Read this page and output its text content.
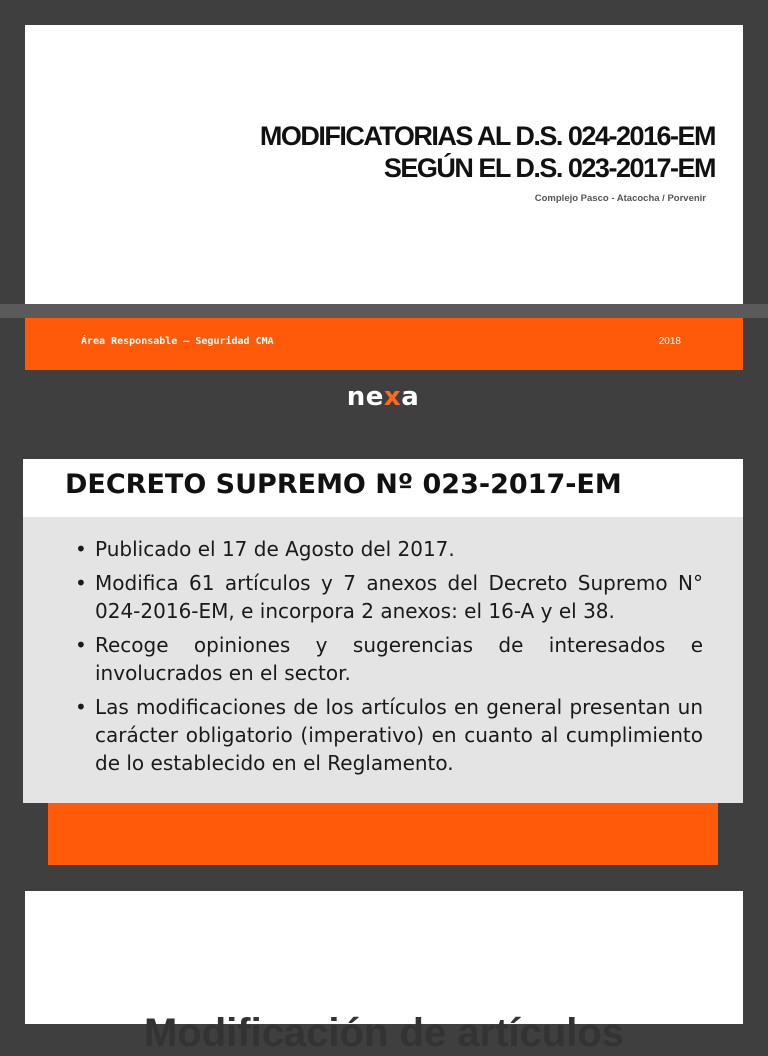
MODIFICATORIAS AL D.S. 024-2016-EM
SEGÚN EL D.S. 023-2017-EM
Complejo Pasco - Atacocha / Porvenir
Área Responsable – Seguridad CMA	2018
nexa
DECRETO SUPREMO Nº 023-2017-EM
• Publicado el 17 de Agosto del 2017.
• Modifica 61 artículos y 7 anexos del Decreto Supremo N° 024-2016-EM, e incorpora 2 anexos: el 16-A y el 38.
• Recoge opiniones y sugerencias de interesados e involucrados en el sector.
• Las modificaciones de los artículos en general presentan un carácter obligatorio (imperativo) en cuanto al cumplimiento de lo establecido en el Reglamento.
Modificación de artículos
